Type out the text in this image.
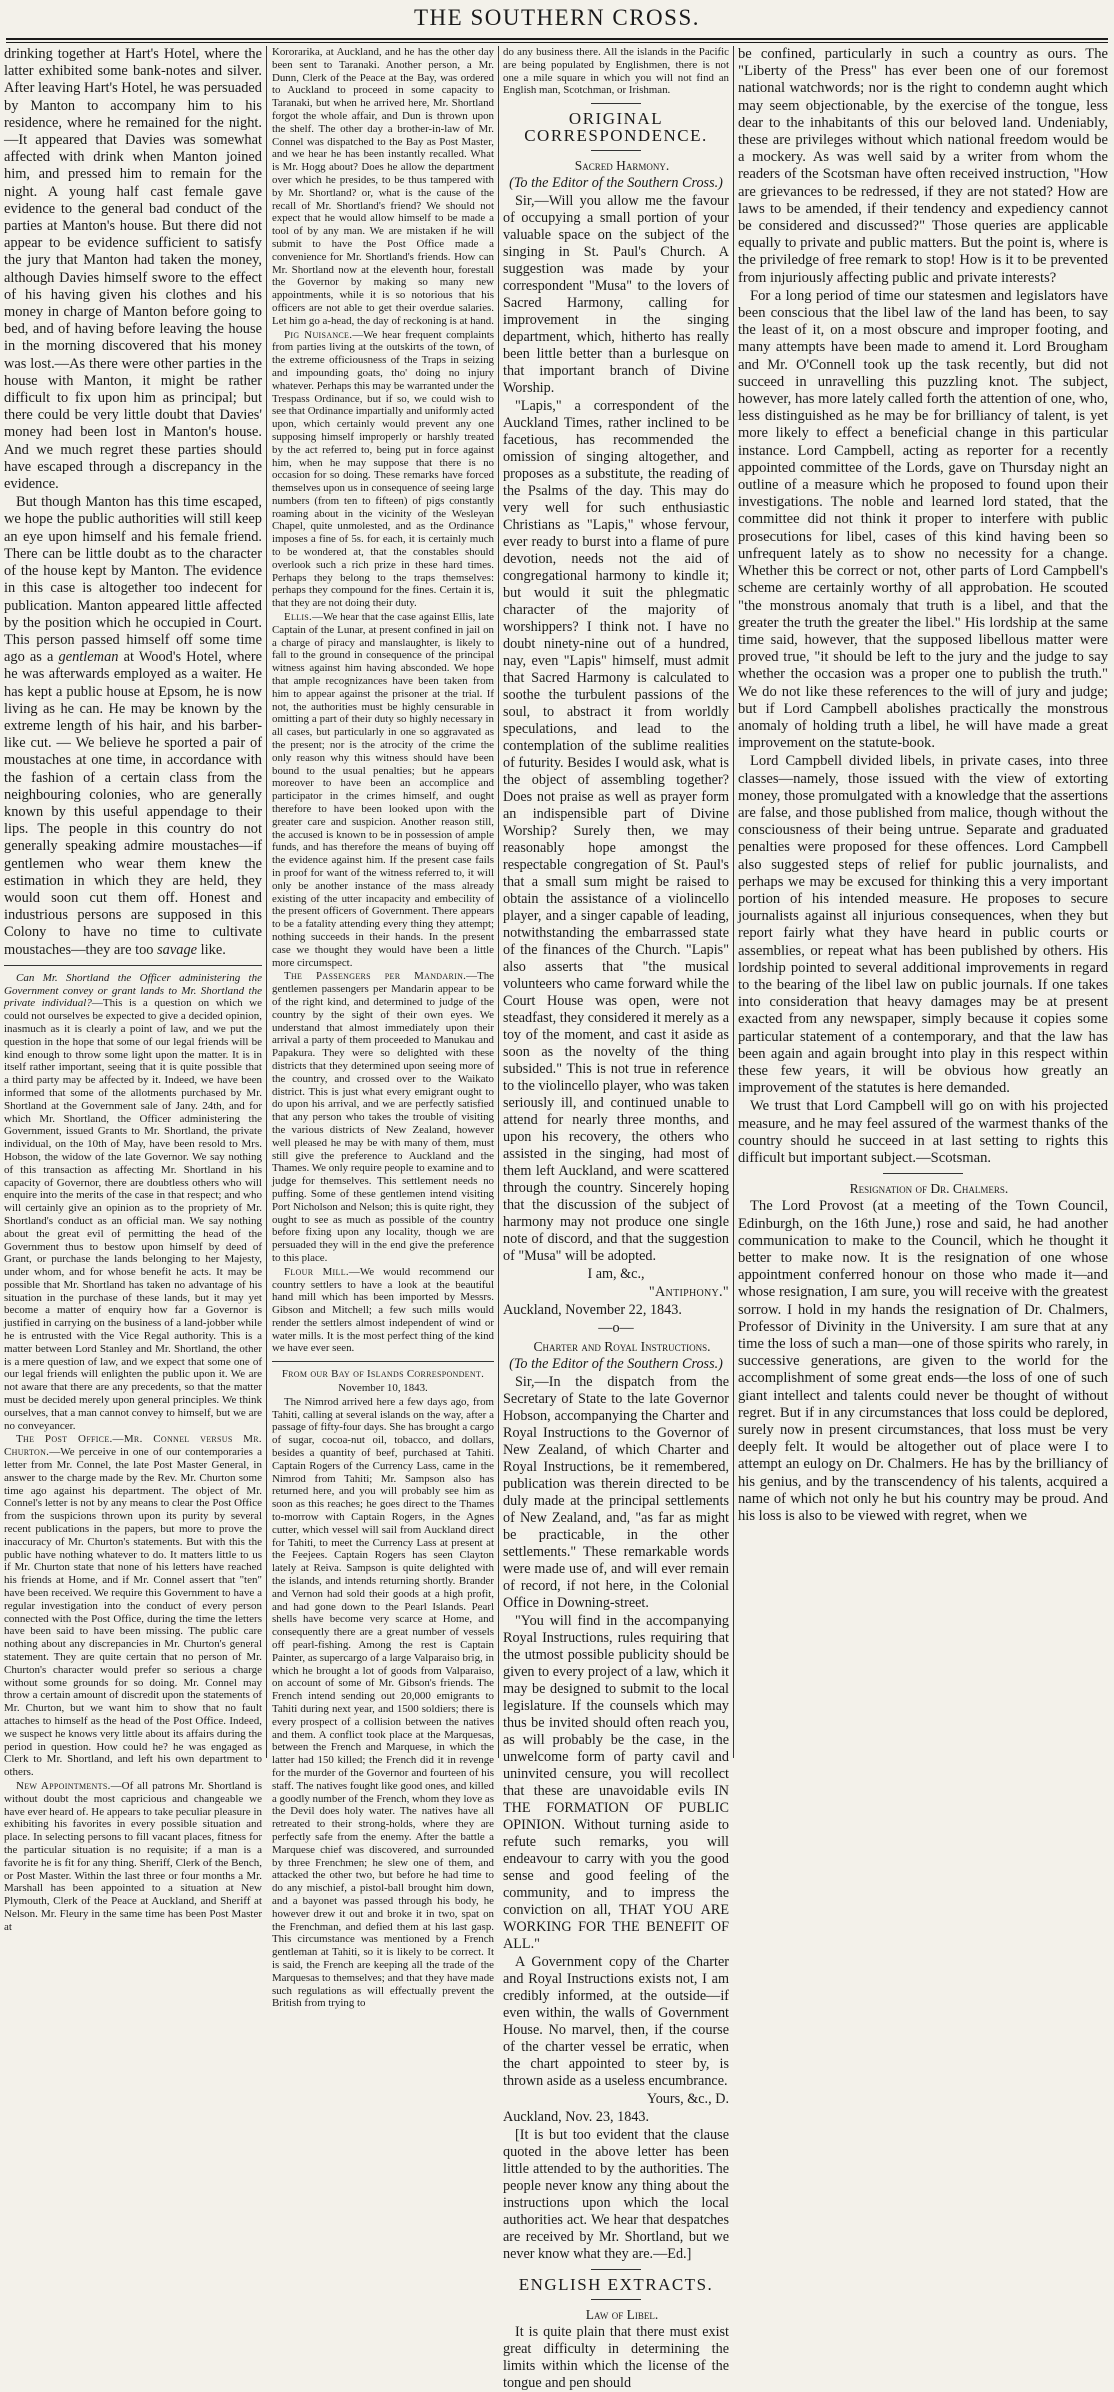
THE SOUTHERN CROSS.

drinking together at Hart's Hotel, where the latter exhibited some bank-notes and silver. After leaving Hart's Hotel, he was persuaded by Manton to accompany him to his residence, where he remained for the night.—It appeared that Davies was somewhat affected with drink when Manton joined him, and pressed him to remain for the night. A young half cast female gave evidence to the general bad conduct of the parties at Manton's house. But there did not appear to be evidence sufficient to satisfy the jury that Manton had taken the money, although Davies himself swore to the effect of his having given his clothes and his money in charge of Manton before going to bed, and of having before leaving the house in the morning discovered that his money was lost.—As there were other parties in the house with Manton, it might be rather difficult to fix upon him as principal; but there could be very little doubt that Davies' money had been lost in Manton's house. And we much regret these parties should have escaped through a discrepancy in the evidence.

But though Manton has this time escaped, we hope the public authorities will still keep an eye upon himself and his female friend. There can be little doubt as to the character of the house kept by Manton. The evidence in this case is altogether too indecent for publication. Manton appeared little affected by the position which he occupied in Court. This person passed himself off some time ago as a gentleman at Wood's Hotel, where he was afterwards employed as a waiter. He has kept a public house at Epsom, he is now living as he can. He may be known by the extreme length of his hair, and his barber-like cut. — We believe he sported a pair of moustaches at one time, in accordance with the fashion of a certain class from the neighbouring colonies, who are generally known by this useful appendage to their lips. The people in this country do not generally speaking admire moustaches—if gentlemen who wear them knew the estimation in which they are held, they would soon cut them off. Honest and industrious persons are supposed in this Colony to have no time to cultivate moustaches—they are too savage like.

Can Mr. Shortland the Officer administering the Government convey or grant lands to Mr. Shortland the private individual?—This is a question on which we could not ourselves be expected to give a decided opinion, inasmuch as it is clearly a point of law, and we put the question in the hope that some of our legal friends will be kind enough to throw some light upon the matter. It is in itself rather important, seeing that it is quite possible that a third party may be affected by it. Indeed, we have been informed that some of the allotments purchased by Mr. Shortland at the Government sale of Jany. 24th, and for which Mr. Shortland, the Officer administering the Government, issued Grants to Mr. Shortland, the private individual, on the 10th of May, have been resold to Mrs. Hobson, the widow of the late Governor. We say nothing of this transaction as affecting Mr. Shortland in his capacity of Governor, there are doubtless others who will enquire into the merits of the case in that respect; and who will certainly give an opinion as to the propriety of Mr. Shortland's conduct as an official man. We say nothing about the great evil of permitting the head of the Government thus to bestow upon himself by deed of Grant, or purchase the lands belonging to her Majesty, under whom, and for whose benefit he acts. It may be possible that Mr. Shortland has taken no advantage of his situation in the purchase of these lands, but it may yet become a matter of enquiry how far a Governor is justified in carrying on the business of a land-jobber while he is entrusted with the Vice Regal authority. This is a matter between Lord Stanley and Mr. Shortland, the other is a mere question of law, and we expect that some one of our legal friends will enlighten the public upon it. We are not aware that there are any precedents, so that the matter must be decided merely upon general principles. We think ourselves, that a man cannot convey to himself, but we are no conveyancer.

The Post Office.—Mr. Connel versus Mr. Churton.—We perceive in one of our contemporaries a letter from Mr. Connel, the late Post Master General, in answer to the charge made by the Rev. Mr. Churton some time ago against his department. The object of Mr. Connel's letter is not by any means to clear the Post Office from the suspicions thrown upon its purity by several recent publications in the papers, but more to prove the inaccuracy of Mr. Churton's statements. But with this the public have nothing whatever to do. It matters little to us if Mr. Churton state that none of his letters have reached his friends at Home, and if Mr. Connel assert that "ten" have been received. We require this Government to have a regular investigation into the conduct of every person connected with the Post Office, during the time the letters have been said to have been missing. The public care nothing about any discrepancies in Mr. Churton's general statement. They are quite certain that no person of Mr. Churton's character would prefer so serious a charge without some grounds for so doing. Mr. Connel may throw a certain amount of discredit upon the statements of Mr. Churton, but we want him to show that no fault attaches to himself as the head of the Post Office. Indeed, we suspect he knows very little about its affairs during the period in question. How could he? he was engaged as Clerk to Mr. Shortland, and left his own department to others.

New Appointments.—Of all patrons Mr. Shortland is without doubt the most capricious and changeable we have ever heard of. He appears to take peculiar pleasure in exhibiting his favorites in every possible situation and place. In selecting persons to fill vacant places, fitness for the particular situation is no requisite; if a man is a favorite he is fit for any thing. Sheriff, Clerk of the Bench, or Post Master. Within the last three or four months a Mr. Marshall has been appointed to a situation at New Plymouth, Clerk of the Peace at Auckland, and Sheriff at Nelson. Mr. Fleury in the same time has been Post Master at

Kororarika, at Auckland, and he has the other day been sent to Taranaki. Another person, a Mr. Dunn, Clerk of the Peace at the Bay, was ordered to Auckland to proceed in some capacity to Taranaki, but when he arrived here, Mr. Shortland forgot the whole affair, and Dun is thrown upon the shelf. The other day a brother-in-law of Mr. Connel was dispatched to the Bay as Post Master, and we hear he has been instantly recalled. What is Mr. Hogg about? Does he allow the department over which he presides, to be thus tampered with by Mr. Shortland? or, what is the cause of the recall of Mr. Shortland's friend? We should not expect that he would allow himself to be made a tool of by any man. We are mistaken if he will submit to have the Post Office made a convenience for Mr. Shortland's friends. How can Mr. Shortland now at the eleventh hour, forestall the Governor by making so many new appointments, while it is so notorious that his officers are not able to get their overdue salaries. Let him go a-head, the day of reckoning is at hand.

Pig Nuisance.—We hear frequent complaints from parties living at the outskirts of the town, of the extreme officiousness of the Traps in seizing and impounding goats, tho' doing no injury whatever. Perhaps this may be warranted under the Trespass Ordinance, but if so, we could wish to see that Ordinance impartially and uniformly acted upon, which certainly would prevent any one supposing himself improperly or harshly treated by the act referred to, being put in force against him, when he may suppose that there is no occasion for so doing. These remarks have forced themselves upon us in consequence of seeing large numbers (from ten to fifteen) of pigs constantly roaming about in the vicinity of the Wesleyan Chapel, quite unmolested, and as the Ordinance imposes a fine of 5s. for each, it is certainly much to be wondered at, that the constables should overlook such a rich prize in these hard times. Perhaps they belong to the traps themselves: perhaps they compound for the fines. Certain it is, that they are not doing their duty.

Ellis.—We hear that the case against Ellis, late Captain of the Lunar, at present confined in jail on a charge of piracy and manslaughter, is likely to fall to the ground in consequence of the principal witness against him having absconded. We hope that ample recognizances have been taken from him to appear against the prisoner at the trial. If not, the authorities must be highly censurable in omitting a part of their duty so highly necessary in all cases, but particularly in one so aggravated as the present; nor is the atrocity of the crime the only reason why this witness should have been bound to the usual penalties; but he appears moreover to have been an accomplice and participator in the crimes himself, and ought therefore to have been looked upon with the greater care and suspicion. Another reason still, the accused is known to be in possession of ample funds, and has therefore the means of buying off the evidence against him. If the present case fails in proof for want of the witness referred to, it will only be another instance of the mass already existing of the utter incapacity and embecility of the present officers of Government. There appears to be a fatality attending every thing they attempt; nothing succeeds in their hands. In the present case we thought they would have been a little more circumspect.

The Passengers per Mandarin.—The gentlemen passengers per Mandarin appear to be of the right kind, and determined to judge of the country by the sight of their own eyes. We understand that almost immediately upon their arrival a party of them proceeded to Manukau and Papakura. They were so delighted with these districts that they determined upon seeing more of the country, and crossed over to the Waikato district. This is just what every emigrant ought to do upon his arrival, and we are perfectly satisfied that any person who takes the trouble of visiting the various districts of New Zealand, however well pleased he may be with many of them, must still give the preference to Auckland and the Thames. We only require people to examine and to judge for themselves. This settlement needs no puffing. Some of these gentlemen intend visiting Port Nicholson and Nelson; this is quite right, they ought to see as much as possible of the country before fixing upon any locality, though we are persuaded they will in the end give the preference to this place.

Flour Mill.—We would recommend our country settlers to have a look at the beautiful hand mill which has been imported by Messrs. Gibson and Mitchell; a few such mills would render the settlers almost independent of wind or water mills. It is the most perfect thing of the kind we have ever seen.

From our Bay of Islands Correspondent.

November 10, 1843.

The Nimrod arrived here a few days ago, from Tahiti, calling at several islands on the way, after a passage of fifty-four days. She has brought a cargo of sugar, cocoa-nut oil, tobacco, and dollars, besides a quantity of beef, purchased at Tahiti. Captain Rogers of the Currency Lass, came in the Nimrod from Tahiti; Mr. Sampson also has returned here, and you will probably see him as soon as this reaches; he goes direct to the Thames to-morrow with Captain Rogers, in the Agnes cutter, which vessel will sail from Auckland direct for Tahiti, to meet the Currency Lass at present at the Feejees. Captain Rogers has seen Clayton lately at Reiva. Sampson is quite delighted with the islands, and intends returning shortly. Brander and Vernon had sold their goods at a high profit, and had gone down to the Pearl Islands. Pearl shells have become very scarce at Home, and consequently there are a great number of vessels off pearl-fishing. Among the rest is Captain Painter, as supercargo of a large Valparaiso brig, in which he brought a lot of goods from Valparaiso, on account of some of Mr. Gibson's friends. The French intend sending out 20,000 emigrants to Tahiti during next year, and 1500 soldiers; there is every prospect of a collision between the natives and them. A conflict took place at the Marquesas, between the French and Marquese, in which the latter had 150 killed; the French did it in revenge for the murder of the Governor and fourteen of his staff. The natives fought like good ones, and killed a goodly number of the French, whom they love as the Devil does holy water. The natives have all retreated to their strong-holds, where they are perfectly safe from the enemy. After the battle a Marquese chief was discovered, and surrounded by three Frenchmen; he slew one of them, and attacked the other two, but before he had time to do any mischief, a pistol-ball brought him down, and a bayonet was passed through his body, he however drew it out and broke it in two, spat on the Frenchman, and defied them at his last gasp. This circumstance was mentioned by a French gentleman at Tahiti, so it is likely to be correct. It is said, the French are keeping all the trade of the Marquesas to themselves; and that they have made such regulations as will effectually prevent the British from trying to

do any business there. All the islands in the Pacific are being populated by Englishmen, there is not one a mile square in which you will not find an English man, Scotchman, or Irishman.

ORIGINAL CORRESPONDENCE.

Sacred Harmony.

(To the Editor of the Southern Cross.)

Sir,—Will you allow me the favour of occupying a small portion of your valuable space on the subject of the singing in St. Paul's Church. A suggestion was made by your correspondent "Musa" to the lovers of Sacred Harmony, calling for improvement in the singing department, which, hitherto has really been little better than a burlesque on that important branch of Divine Worship.

"Lapis," a correspondent of the Auckland Times, rather inclined to be facetious, has recommended the omission of singing altogether, and proposes as a substitute, the reading of the Psalms of the day. This may do very well for such enthusiastic Christians as "Lapis," whose fervour, ever ready to burst into a flame of pure devotion, needs not the aid of congregational harmony to kindle it; but would it suit the phlegmatic character of the majority of worshippers? I think not. I have no doubt ninety-nine out of a hundred, nay, even "Lapis" himself, must admit that Sacred Harmony is calculated to soothe the turbulent passions of the soul, to abstract it from worldly speculations, and lead to the contemplation of the sublime realities of futurity. Besides I would ask, what is the object of assembling together? Does not praise as well as prayer form an indispensible part of Divine Worship? Surely then, we may reasonably hope amongst the respectable congregation of St. Paul's that a small sum might be raised to obtain the assistance of a violincello player, and a singer capable of leading, notwithstanding the embarrassed state of the finances of the Church. "Lapis" also asserts that "the musical volunteers who came forward while the Court House was open, were not steadfast, they considered it merely as a toy of the moment, and cast it aside as soon as the novelty of the thing subsided." This is not true in reference to the violincello player, who was taken seriously ill, and continued unable to attend for nearly three months, and upon his recovery, the others who assisted in the singing, had most of them left Auckland, and were scattered through the country. Sincerely hoping that the discussion of the subject of harmony may not produce one single note of discord, and that the suggestion of "Musa" will be adopted.

I am, &c.,

"Antiphony."

Auckland, November 22, 1843.

—o—

Charter and Royal Instructions.

(To the Editor of the Southern Cross.)

Sir,—In the dispatch from the Secretary of State to the late Governor Hobson, accompanying the Charter and Royal Instructions to the Governor of New Zealand, of which Charter and Royal Instructions, be it remembered, publication was therein directed to be duly made at the principal settlements of New Zealand, and, "as far as might be practicable, in the other settlements." These remarkable words were made use of, and will ever remain of record, if not here, in the Colonial Office in Downing-street.

"You will find in the accompanying Royal Instructions, rules requiring that the utmost possible publicity should be given to every project of a law, which it may be designed to submit to the local legislature. If the counsels which may thus be invited should often reach you, as will probably be the case, in the unwelcome form of party cavil and uninvited censure, you will recollect that these are unavoidable evils IN THE FORMATION OF PUBLIC OPINION. Without turning aside to refute such remarks, you will endeavour to carry with you the good sense and good feeling of the community, and to impress the conviction on all, THAT YOU ARE WORKING FOR THE BENEFIT OF ALL."

A Government copy of the Charter and Royal Instructions exists not, I am credibly informed, at the outside—if even within, the walls of Government House. No marvel, then, if the course of the charter vessel be erratic, when the chart appointed to steer by, is thrown aside as a useless encumbrance.

Yours, &c., D.

Auckland, Nov. 23, 1843.

[It is but too evident that the clause quoted in the above letter has been little attended to by the authorities. The people never know any thing about the instructions upon which the local authorities act. We hear that despatches are received by Mr. Shortland, but we never know what they are.—Ed.]

ENGLISH EXTRACTS.

Law of Libel.

It is quite plain that there must exist great difficulty in determining the limits within which the license of the tongue and pen should

be confined, particularly in such a country as ours. The "Liberty of the Press" has ever been one of our foremost national watchwords; nor is the right to condemn aught which may seem objectionable, by the exercise of the tongue, less dear to the inhabitants of this our beloved land. Undeniably, these are privileges without which national freedom would be a mockery. As was well said by a writer from whom the readers of the Scotsman have often received instruction, "How are grievances to be redressed, if they are not stated? How are laws to be amended, if their tendency and expediency cannot be considered and discussed?" Those queries are applicable equally to private and public matters. But the point is, where is the priviledge of free remark to stop! How is it to be prevented from injuriously affecting public and private interests?

For a long period of time our statesmen and legislators have been conscious that the libel law of the land has been, to say the least of it, on a most obscure and improper footing, and many attempts have been made to amend it. Lord Brougham and Mr. O'Connell took up the task recently, but did not succeed in unravelling this puzzling knot. The subject, however, has more lately called forth the attention of one, who, less distinguished as he may be for brilliancy of talent, is yet more likely to effect a beneficial change in this particular instance. Lord Campbell, acting as reporter for a recently appointed committee of the Lords, gave on Thursday night an outline of a measure which he proposed to found upon their investigations. The noble and learned lord stated, that the committee did not think it proper to interfere with public prosecutions for libel, cases of this kind having been so unfrequent lately as to show no necessity for a change. Whether this be correct or not, other parts of Lord Campbell's scheme are certainly worthy of all approbation. He scouted "the monstrous anomaly that truth is a libel, and that the greater the truth the greater the libel." His lordship at the same time said, however, that the supposed libellous matter were proved true, "it should be left to the jury and the judge to say whether the occasion was a proper one to publish the truth." We do not like these references to the will of jury and judge; but if Lord Campbell abolishes practically the monstrous anomaly of holding truth a libel, he will have made a great improvement on the statute-book.

Lord Campbell divided libels, in private cases, into three classes—namely, those issued with the view of extorting money, those promulgated with a knowledge that the assertions are false, and those published from malice, though without the consciousness of their being untrue. Separate and graduated penalties were proposed for these offences. Lord Campbell also suggested steps of relief for public journalists, and perhaps we may be excused for thinking this a very important portion of his intended measure. He proposes to secure journalists against all injurious consequences, when they but report fairly what they have heard in public courts or assemblies, or repeat what has been published by others. His lordship pointed to several additional improvements in regard to the bearing of the libel law on public journals. If one takes into consideration that heavy damages may be at present exacted from any newspaper, simply because it copies some particular statement of a contemporary, and that the law has been again and again brought into play in this respect within these few years, it will be obvious how greatly an improvement of the statutes is here demanded.

We trust that Lord Campbell will go on with his projected measure, and he may feel assured of the warmest thanks of the country should he succeed in at last setting to rights this difficult but important subject.—Scotsman.

Resignation of Dr. Chalmers.

The Lord Provost (at a meeting of the Town Council, Edinburgh, on the 16th June,) rose and said, he had another communication to make to the Council, which he thought it better to make now. It is the resignation of one whose appointment conferred honour on those who made it—and whose resignation, I am sure, you will receive with the greatest sorrow. I hold in my hands the resignation of Dr. Chalmers, Professor of Divinity in the University. I am sure that at any time the loss of such a man—one of those spirits who rarely, in successive generations, are given to the world for the accomplishment of some great ends—the loss of one of such giant intellect and talents could never be thought of without regret. But if in any circumstances that loss could be deplored, surely now in present circumstances, that loss must be very deeply felt. It would be altogether out of place were I to attempt an eulogy on Dr. Chalmers. He has by the brilliancy of his genius, and by the transcendency of his talents, acquired a name of which not only he but his country may be proud. And his loss is also to be viewed with regret, when we
